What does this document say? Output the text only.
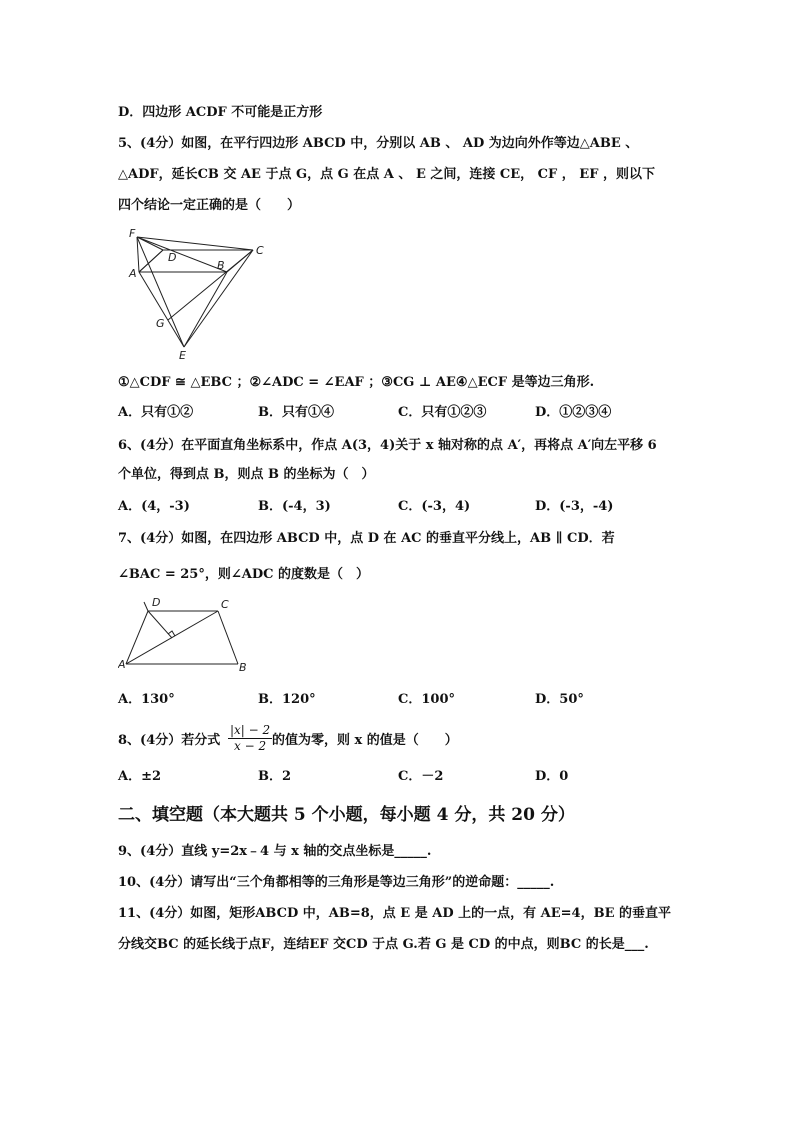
D．四边形 ACDF 不可能是正方形
5、(4分）如图，在平行四边形 ABCD 中，分别以 AB 、 AD 为边向外作等边△ABE 、
△ADF，延长CB 交 AE 于点 G，点 G 在点 A 、 E 之间，连接 CE， CF ， EF ，则以下
四个结论一定正确的是（　　）
F
D
C
A
B
G
E
①△CDF ≅ △EBC ；②∠ADC = ∠EAF ；③CG ⊥ AE④△ECF 是等边三角形.
A．只有①②	B．只有①④	C．只有①②③	D．①②③④
6、(4分）在平面直角坐标系中，作点 A(3，4)关于 x 轴对称的点 A′，再将点 A′向左平移 6
个单位，得到点 B，则点 B 的坐标为（　）
A．(4，-3)	B．(-4，3)	C．(-3，4)	D．(-3，-4)
7、(4分）如图，在四边形 ABCD 中，点 D 在 AC 的垂直平分线上，AB ∥ CD．若
∠BAC = 25°，则∠ADC 的度数是（　）
D	C
A	B
A．130°	B．120°	C．100°	D．50°
8、(4分）若分式 $\frac{|x| - 2}{x - 2}$ 的值为零，则 x 的值是（　　）
A．±2	B．2	C．－2	D．0
二、填空题（本大题共 5 个小题，每小题 4 分，共 20 分）
9、(4分）直线 y=2x﹣4 与 x 轴的交点坐标是_____.
10、(4分）请写出“三个角都相等的三角形是等边三角形”的逆命题：_____.
11、(4分）如图，矩形ABCD 中，AB=8，点 E 是 AD 上的一点，有 AE=4，BE 的垂直平
分线交BC 的延长线于点F，连结EF 交CD 于点 G.若 G 是 CD 的中点，则BC 的长是___.
